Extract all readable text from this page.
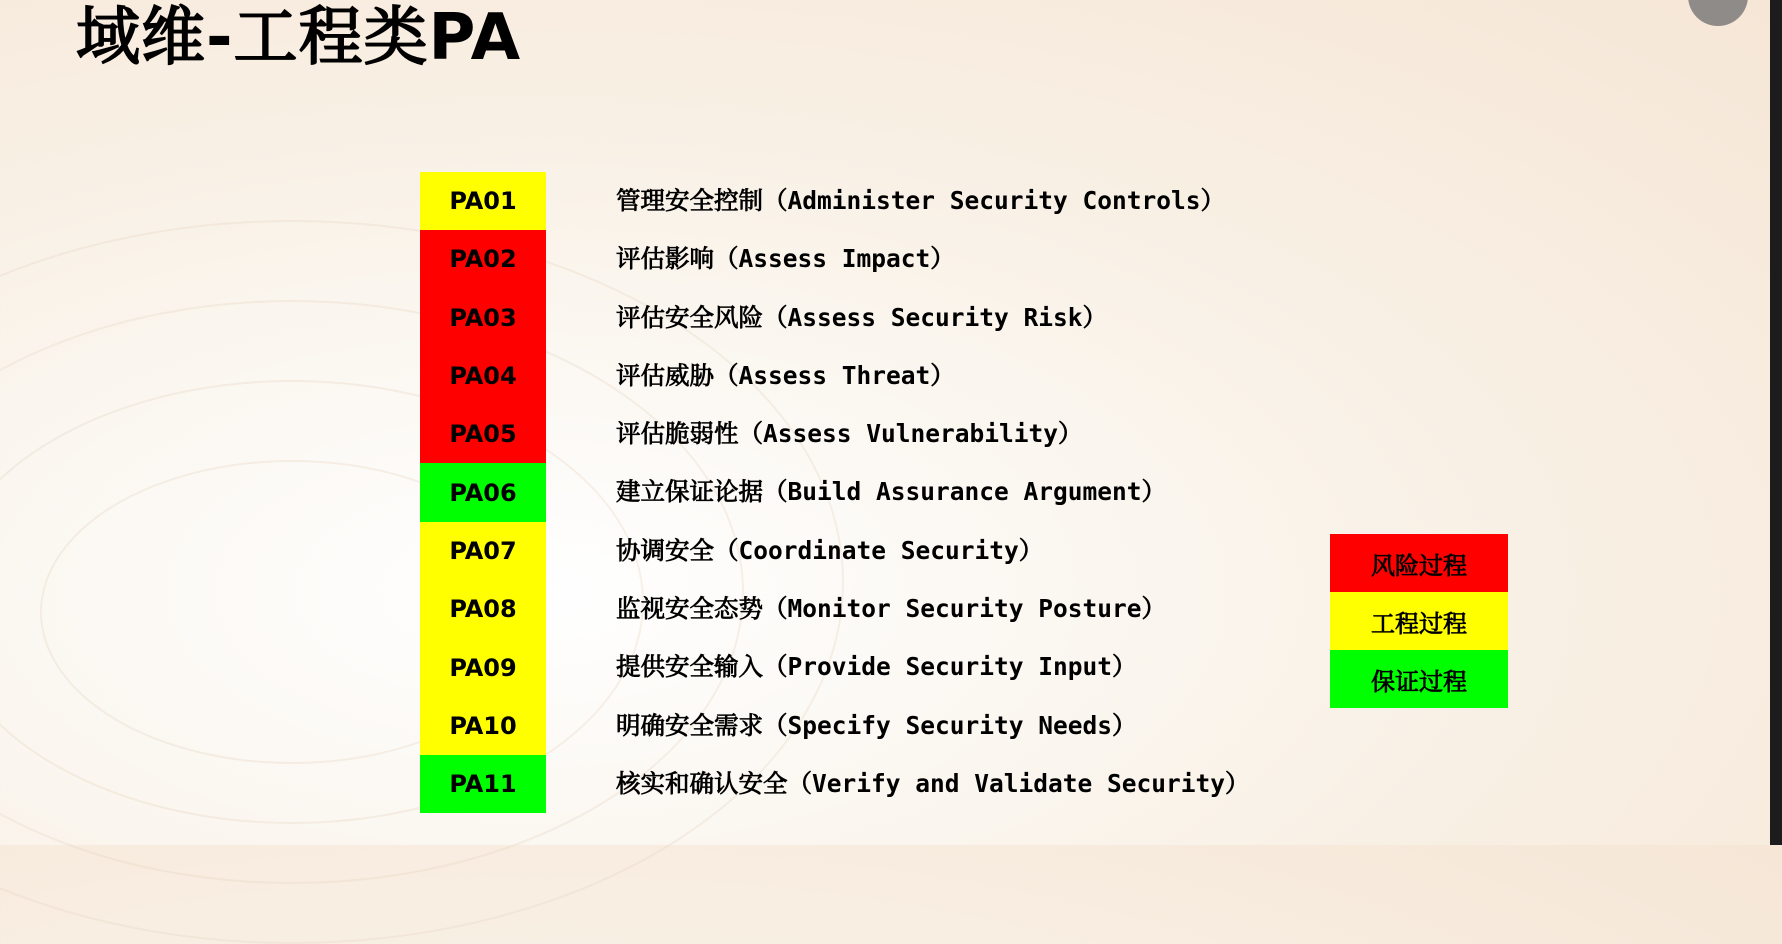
域维-工程类PA
PA01	管理安全控制（Administer Security Controls）
PA02	评估影响（Assess Impact）
PA03	评估安全风险（Assess Security Risk）
PA04	评估威胁（Assess Threat）
PA05	评估脆弱性（Assess Vulnerability）
PA06	建立保证论据（Build Assurance Argument）
PA07	协调安全（Coordinate Security）
PA08	监视安全态势（Monitor Security Posture）
PA09	提供安全输入（Provide Security Input）
PA10	明确安全需求（Specify Security Needs）
PA11	核实和确认安全（Verify and Validate Security）
风险过程
工程过程
保证过程
